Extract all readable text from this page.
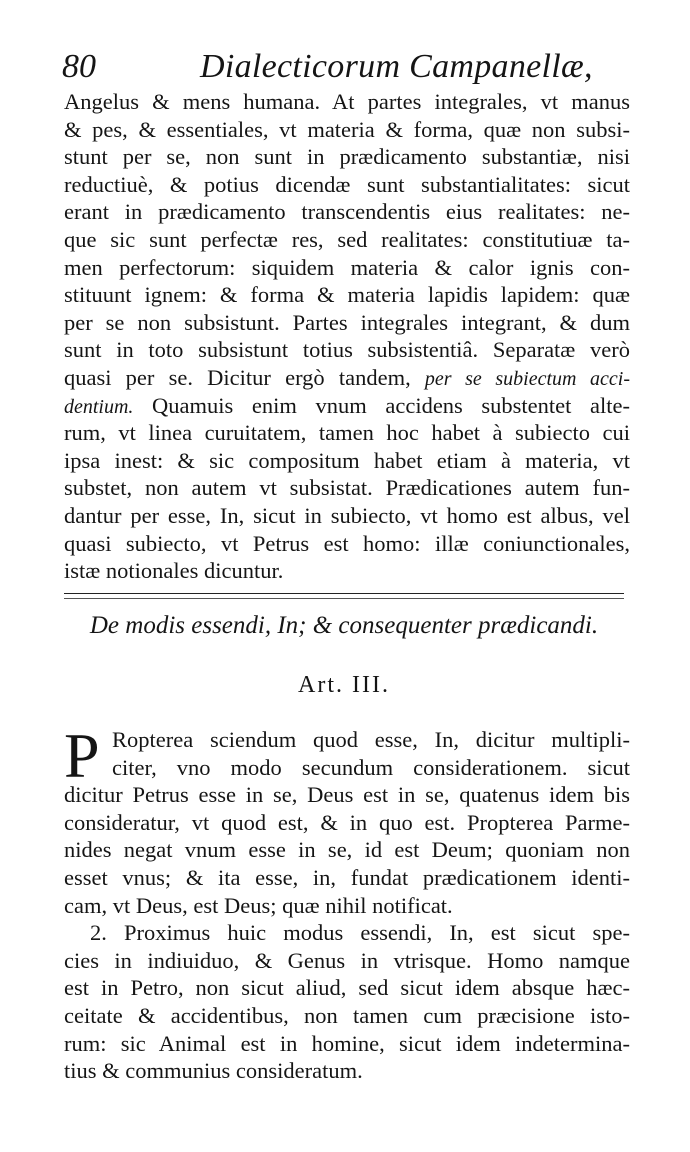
80	Dialecticorum Campanellæ,
Angelus & mens humana. At partes integrales, vt manus
& pes, & essentiales, vt materia & forma, quæ non subsi-
stunt per se, non sunt in prædicamento substantiæ, nisi
reductiuè, & potius dicendæ sunt substantialitates: sicut
erant in prædicamento transcendentis eius realitates: ne-
que sic sunt perfectæ res, sed realitates: constitutiuæ ta-
men perfectorum: siquidem materia & calor ignis con-
stituunt ignem: & forma & materia lapidis lapidem: quæ
per se non subsistunt. Partes integrales integrant, & dum
sunt in toto subsistunt totius subsistentiâ. Separatæ verò
quasi per se. Dicitur ergò tandem, per se subiectum acci-
dentium. Quamuis enim vnum accidens substentet alte-
rum, vt linea curuitatem, tamen hoc habet à subiecto cui
ipsa inest: & sic compositum habet etiam à materia, vt
substet, non autem vt subsistat. Prædicationes autem fun-
dantur per esse, In, sicut in subiecto, vt homo est albus, vel
quasi subiecto, vt Petrus est homo: illæ coniunctionales,
istæ notionales dicuntur.
De modis essendi, In; & consequenter prædicandi.
Art. III.
P Ropterea sciendum quod esse, In, dicitur multipli-
citer, vno modo secundum considerationem. sicut
dicitur Petrus esse in se, Deus est in se, quatenus idem bis
consideratur, vt quod est, & in quo est. Propterea Parme-
nides negat vnum esse in se, id est Deum; quoniam non
esset vnus; & ita esse, in, fundat prædicationem identi-
cam, vt Deus, est Deus; quæ nihil notificat.
2. Proximus huic modus essendi, In, est sicut spe-
cies in indiuiduo, & Genus in vtrisque. Homo namque
est in Petro, non sicut aliud, sed sicut idem absque hæc-
ceitate & accidentibus, non tamen cum præcisione isto-
rum: sic Animal est in homine, sicut idem indetermina-
tius & communius consideratum.
